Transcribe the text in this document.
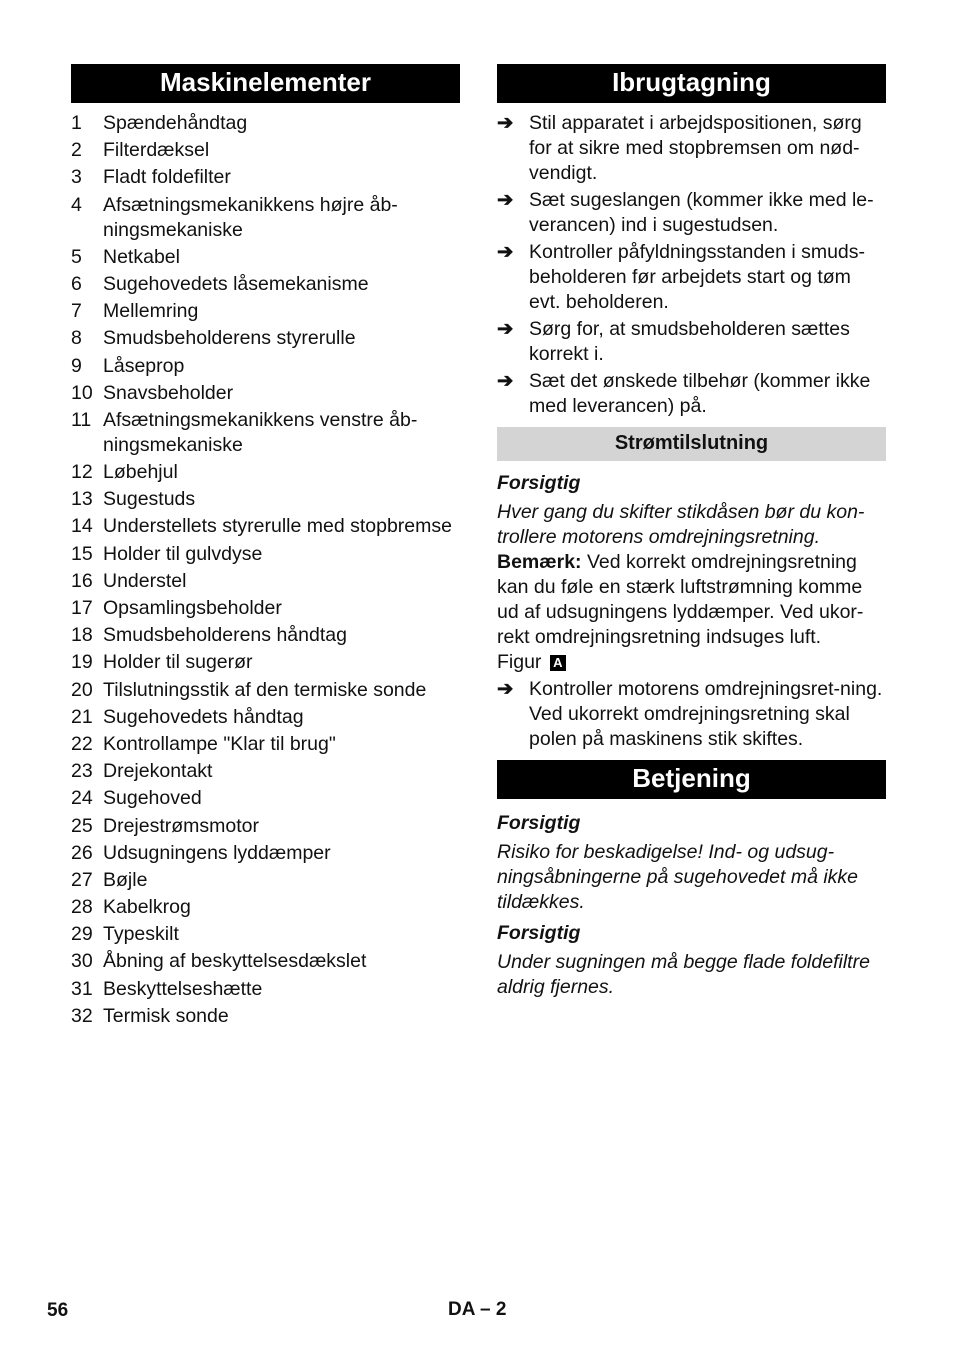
Maskinelementer
1	Spændehåndtag
2	Filterdæksel
3	Fladt foldefilter
4	Afsætningsmekanikkens højre åb-ningsmekaniske
5	Netkabel
6	Sugehovedets låsemekanisme
7	Mellemring
8	Smudsbeholderens styrerulle
9	Låseprop
10 Snavsbeholder
11 Afsætningsmekanikkens venstre åb-ningsmekaniske
12 Løbehjul
13 Sugestuds
14 Understellets styrerulle med stopbremse
15 Holder til gulvdyse
16 Understel
17 Opsamlingsbeholder
18 Smudsbeholderens håndtag
19 Holder til sugerør
20 Tilslutningsstik af den termiske sonde
21 Sugehovedets håndtag
22 Kontrollampe "Klar til brug"
23 Drejekontakt
24 Sugehoved
25 Drejestrømsmotor
26 Udsugningens lyddæmper
27 Bøjle
28 Kabelkrog
29 Typeskilt
30 Åbning af beskyttelsesdækslet
31 Beskyttelseshætte
32 Termisk sonde
Ibrugtagning
➔ Stil apparatet i arbejdspositionen, sørg for at sikre med stopbremsen om nød-vendigt.
➔ Sæt sugeslangen (kommer ikke med le-verancen) ind i sugestudsen.
➔ Kontroller påfyldningsstanden i smuds-beholderen før arbejdets start og tøm evt. beholderen.
➔ Sørg for, at smudsbeholderen sættes korrekt i.
➔ Sæt det ønskede tilbehør (kommer ikke med leverancen) på.
Strømtilslutning
Forsigtig
Hver gang du skifter stikdåsen bør du kon-trollere motorens omdrejningsretning.

Bemærk: Ved korrekt omdrejningsretning kan du føle en stærk luftstrømning komme ud af udsugningens lyddæmper. Ved ukor-rekt omdrejningsretning indsuges luft.

Figur A

➔ Kontroller motorens omdrejningsret-ning. Ved ukorrekt omdrejningsretning skal polen på maskinens stik skiftes.
Betjening
Forsigtig
Risiko for beskadigelse! Ind- og udsug-ningsåbningerne på sugehovedet må ikke tildækkes.
Forsigtig
Under sugningen må begge flade foldefiltre aldrig fjernes.
56	DA – 2
